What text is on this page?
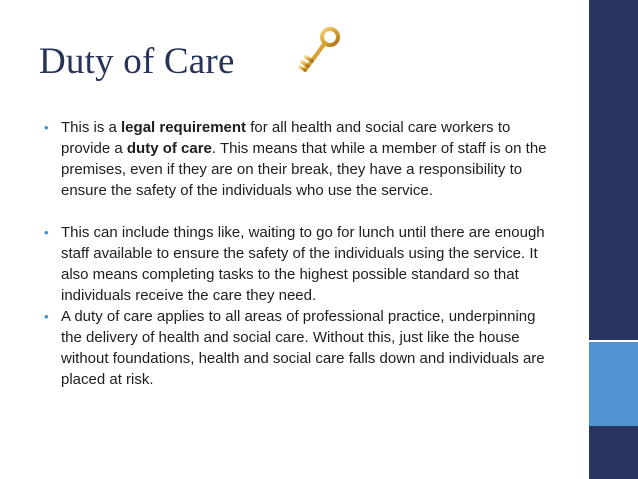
Duty of Care

• This is a legal requirement for all health and social care workers to provide a duty of care. This means that while a member of staff is on the premises, even if they are on their break, they have a responsibility to ensure the safety of the individuals who use the service.

• This can include things like, waiting to go for lunch until there are enough staff available to ensure the safety of the individuals using the service. It also means completing tasks to the highest possible standard so that individuals receive the care they need.

• A duty of care applies to all areas of professional practice, underpinning the delivery of health and social care. Without this, just like the house without foundations, health and social care falls down and individuals are placed at risk.
